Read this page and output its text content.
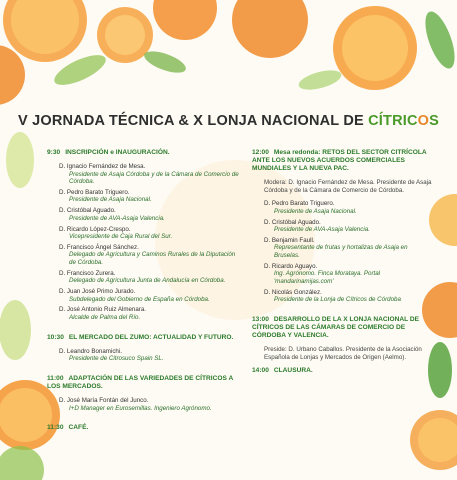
V JORNADA TÉCNICA & X LONJA NACIONAL DE CÍTRICOS
9:30 INSCRIPCIÓN e INAUGURACIÓN.
D. Ignacio Fernández de Mesa.
Presidente de Asaja Córdoba y de la Cámara de Comercio de Córdoba.
D. Pedro Barato Triguero.
Presidente de Asaja Nacional.
D. Cristóbal Aguado.
Presidente de AVA-Asaja Valencia.
D. Ricardo López-Crespo.
Vicepresidente de Caja Rural del Sur.
D. Francisco Ángel Sánchez.
Delegado de Agricultura y Caminos Rurales de la Diputación de Córdoba.
D. Francisco Zurera.
Delegado de Agricultura Junta de Andalucía en Córdoba.
D. Juan José Primo Jurado.
Subdelegado del Gobierno de España en Córdoba.
D. José Antonio Ruiz Almenara.
Alcalde de Palma del Río.
10:30 EL MERCADO DEL ZUMO: ACTUALIDAD Y FUTURO.
D. Leandro Bonamichi.
Presidente de Citrosuco Spain SL.
11:00 ADAPTACIÓN DE LAS VARIEDADES DE CÍTRICOS A LOS MERCADOS.
D. José María Fontán del Junco.
I+D Manager en Eurosemillas. Ingeniero Agrónomo.
11:30 CAFÉ.
12:00 Mesa redonda: RETOS DEL SECTOR CITRÍCOLA ANTE LOS NUEVOS ACUERDOS COMERCIALES MUNDIALES Y LA NUEVA PAC.
Modera: D. Ignacio Fernández de Mesa. Presidente de Asaja Córdoba y de la Cámara de Comercio de Córdoba.
D. Pedro Barato Triguero.
Presidente de Asaja Nacional.
D. Cristóbal Aguado.
Presidente de AVA-Asaja Valencia.
D. Benjamin Faull.
Representante de frutas y hortalizas de Asaja en Bruselas.
D. Ricardo Aguayo.
Ing. Agrónomo. Finca Morataya. Portal 'mandarinamijas.com'
D. Nicolás González.
Presidente de la Lonja de Cítricos de Córdoba
13:00 DESARROLLO DE LA X LONJA NACIONAL DE CÍTRICOS DE LAS CÁMARAS DE COMERCIO DE CÓRDOBA Y VALENCIA.
Preside: D. Urbano Caballos. Presidente de la Asociación Española de Lonjas y Mercados de Origen (Aelmo).
14:00 CLAUSURA.
